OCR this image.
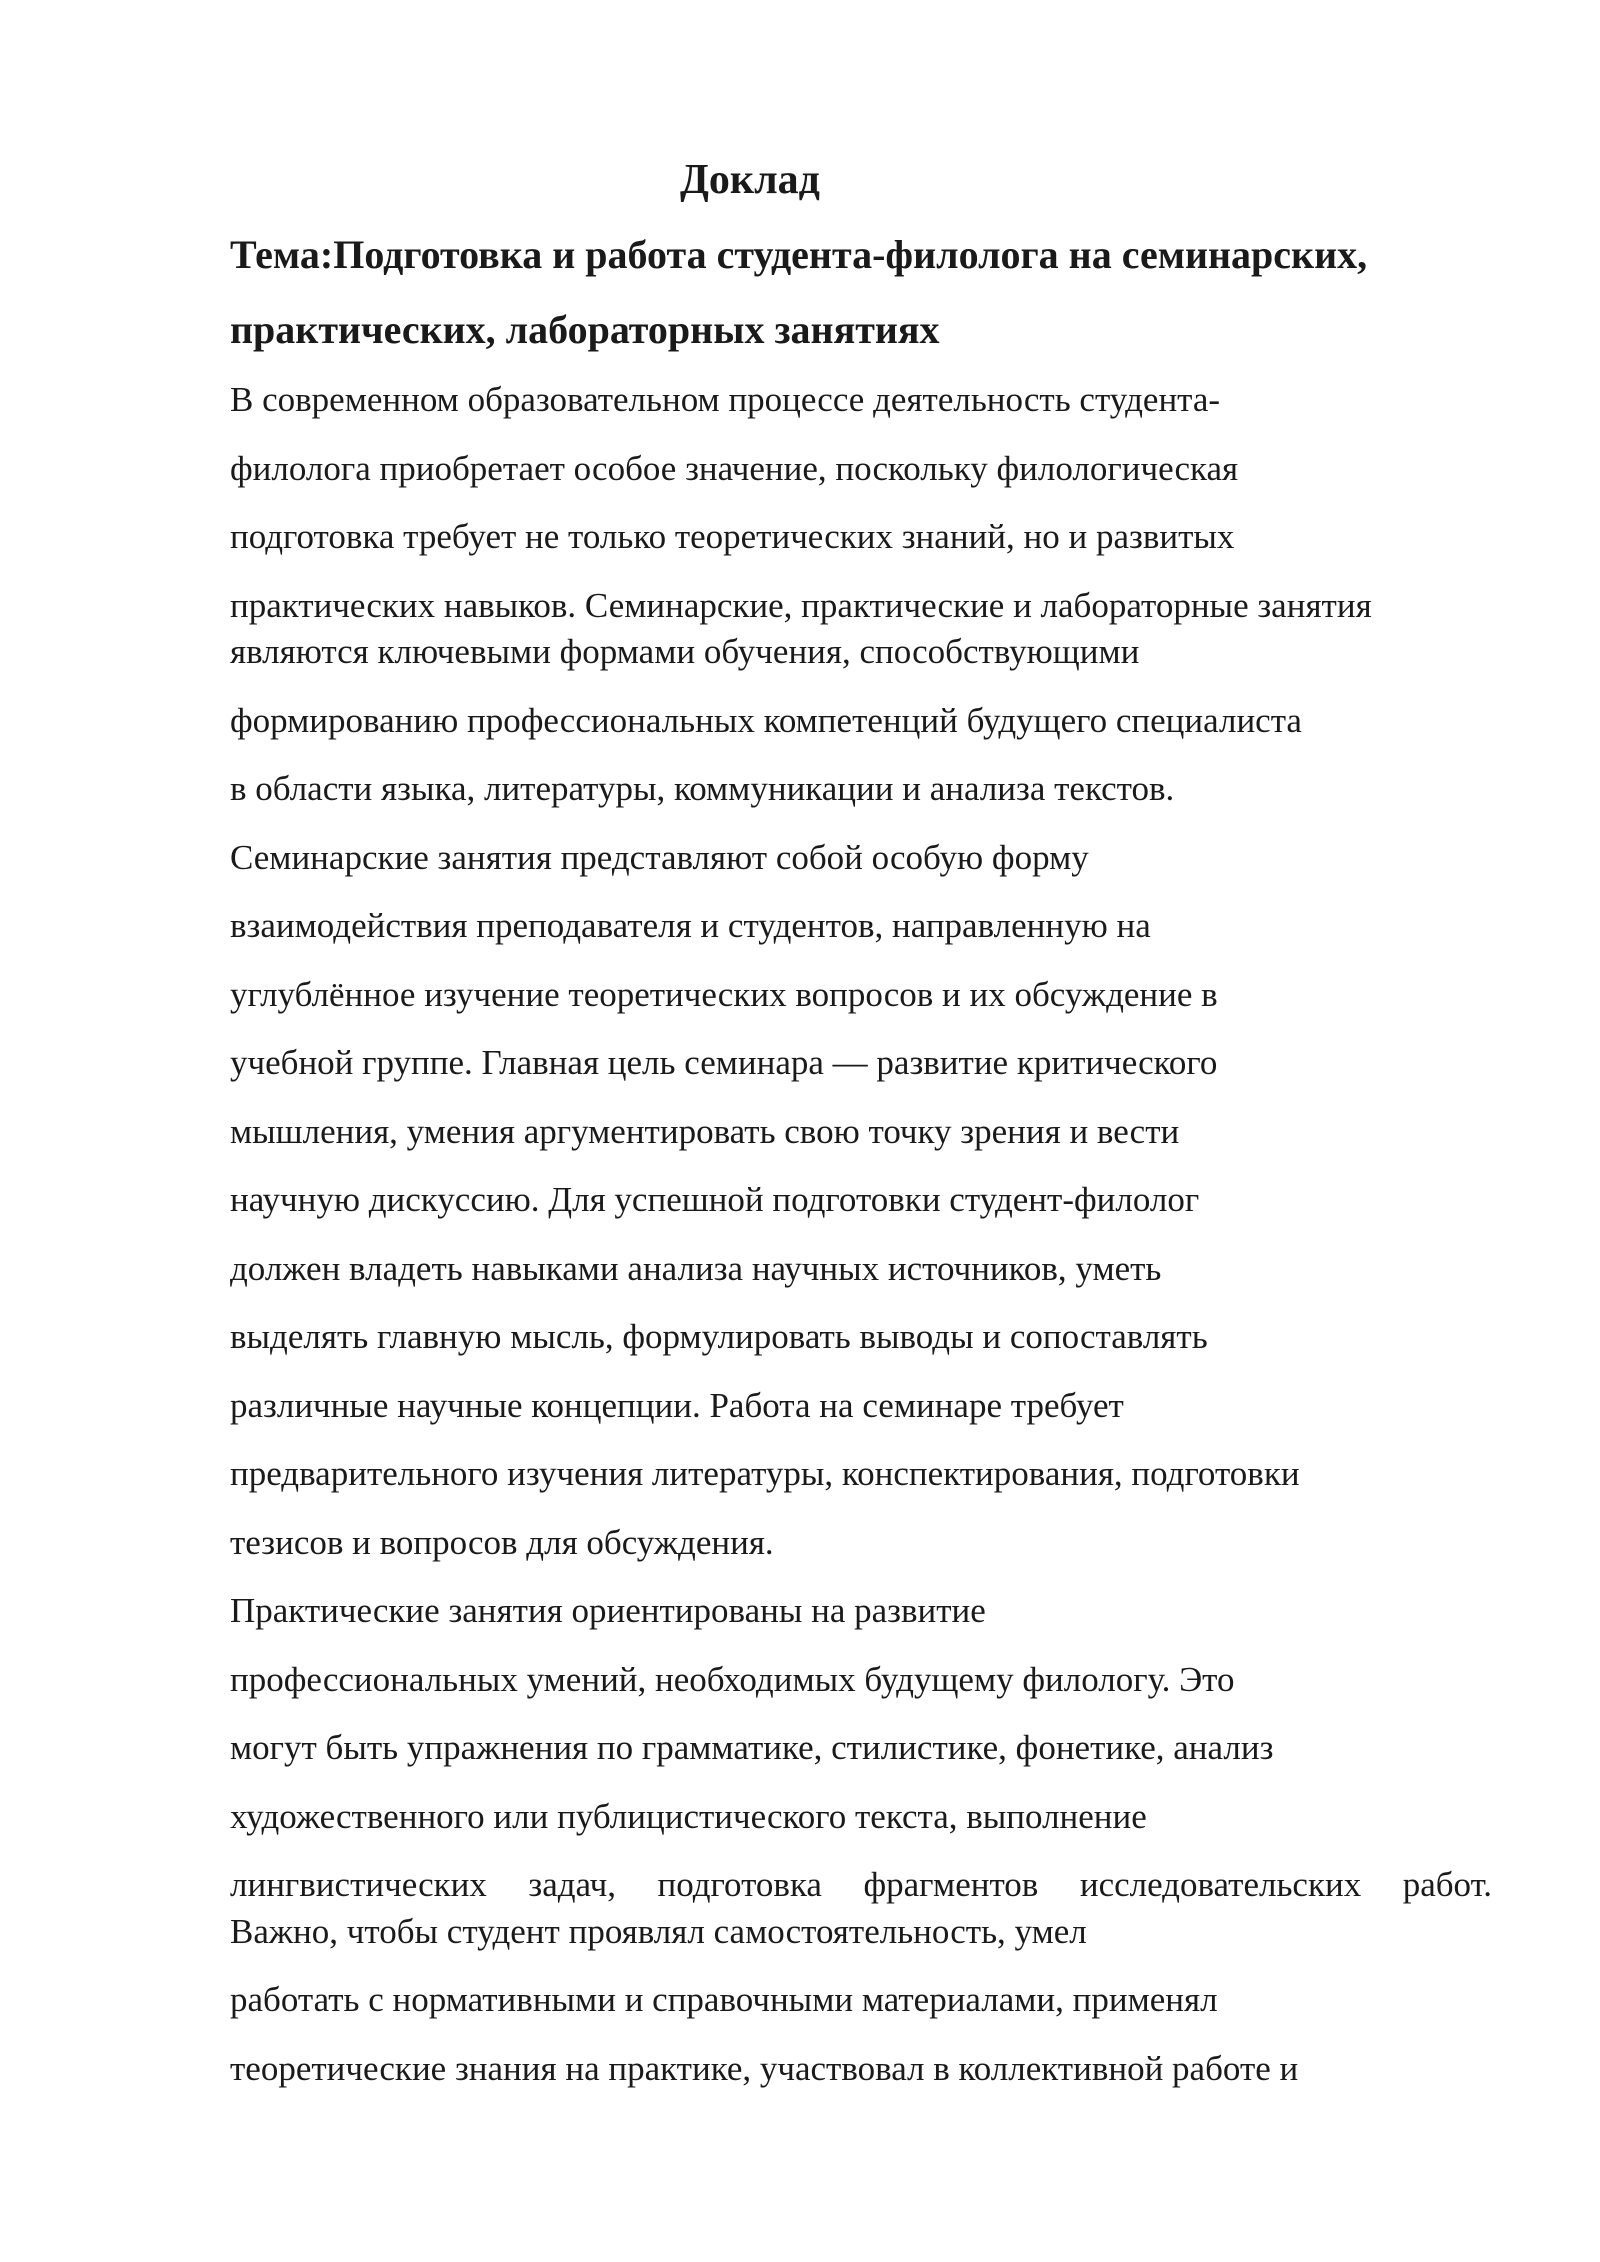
Доклад
Тема:Подготовка и работа студента-филолога на семинарских,
практических, лабораторных занятиях
В современном образовательном процессе деятельность студента-
филолога приобретает особое значение, поскольку филологическая
подготовка требует не только теоретических знаний, но и развитых
практических навыков. Семинарские, практические и лабораторные занятия
являются ключевыми формами обучения, способствующими
формированию профессиональных компетенций будущего специалиста
в области языка, литературы, коммуникации и анализа текстов.
Семинарские занятия представляют собой особую форму
взаимодействия преподавателя и студентов, направленную на
углублённое изучение теоретических вопросов и их обсуждение в
учебной группе. Главная цель семинара — развитие критического
мышления, умения аргументировать свою точку зрения и вести
научную дискуссию. Для успешной подготовки студент-филолог
должен владеть навыками анализа научных источников, уметь
выделять главную мысль, формулировать выводы и сопоставлять
различные научные концепции. Работа на семинаре требует
предварительного изучения литературы, конспектирования, подготовки
тезисов и вопросов для обсуждения.
Практические занятия ориентированы на развитие
профессиональных умений, необходимых будущему филологу. Это
могут быть упражнения по грамматике, стилистике, фонетике, анализ
художественного или публицистического текста, выполнение
лингвистических задач, подготовка фрагментов исследовательских работ.
Важно, чтобы студент проявлял самостоятельность, умел
работать с нормативными и справочными материалами, применял
теоретические знания на практике, участвовал в коллективной работе и
